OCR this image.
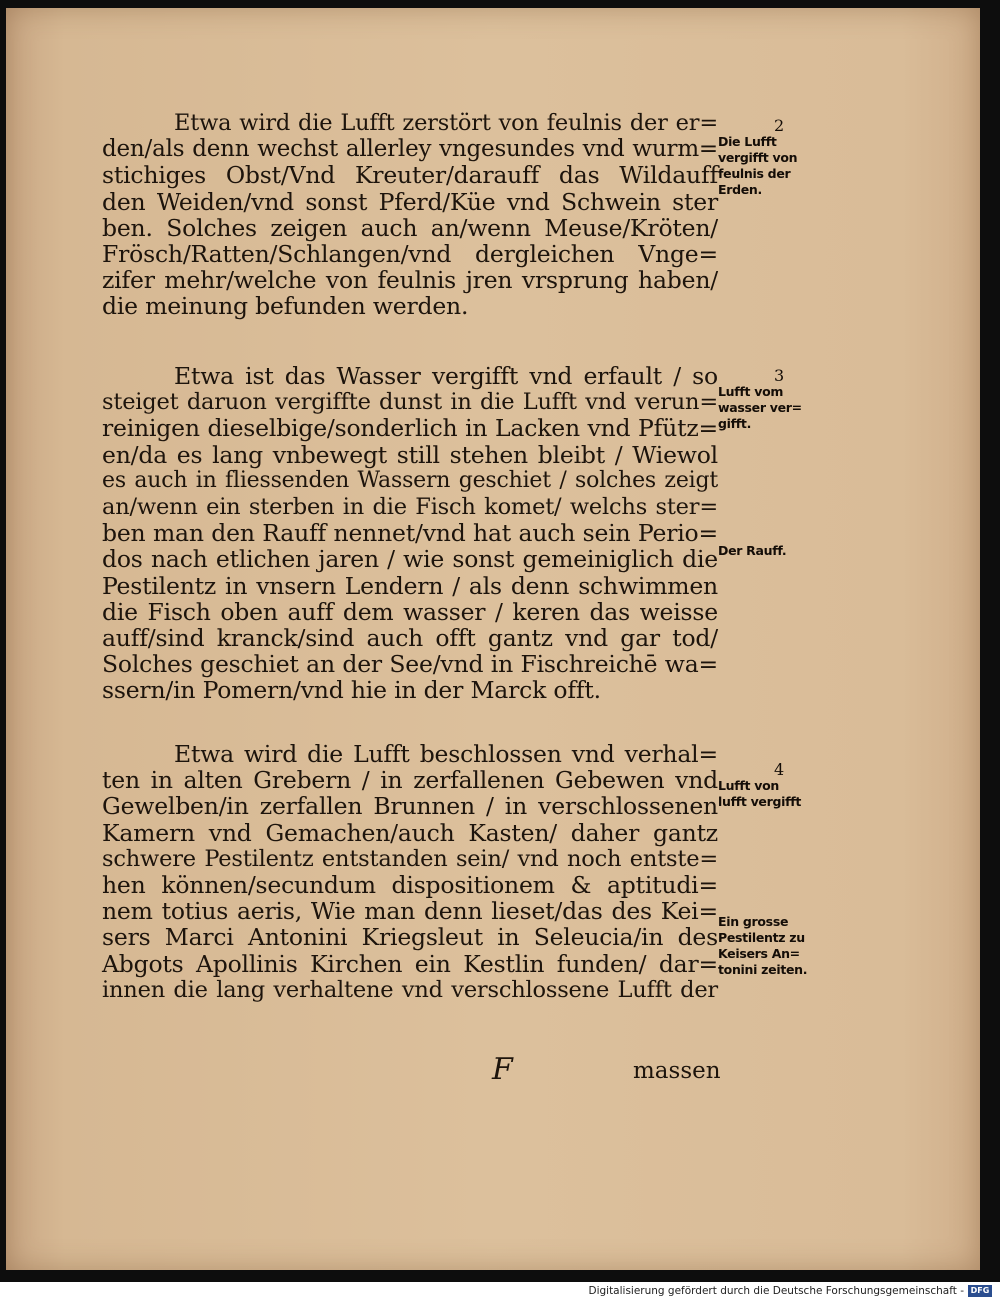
Etwa wird die Lufft zerstört von feulnis der er=
den/als denn wechst allerley vngesundes vnd wurm=
stichiges Obst/Vnd Kreuter/darauff das Wildauff
den Weiden/vnd sonst Pferd/Küe vnd Schwein ster
ben. Solches zeigen auch an/wenn Meuse/Kröten/
Frösch/Ratten/Schlangen/vnd dergleichen Vnge=
zifer mehr/welche von feulnis jren vrsprung haben/
die meinung befunden werden.
Etwa ist das Wasser vergifft vnd erfault / so
steiget daruon vergiffte dunst in die Lufft vnd verun=
reinigen dieselbige/sonderlich in Lacken vnd Pfütz=
en/da es lang vnbewegt still stehen bleibt / Wiewol
es auch in fliessenden Wassern geschiet / solches zeigt
an/wenn ein sterben in die Fisch komet/ welchs ster=
ben man den Rauff nennet/vnd hat auch sein Perio=
dos nach etlichen jaren / wie sonst gemeiniglich die
Pestilentz in vnsern Lendern / als denn schwimmen
die Fisch oben auff dem wasser / keren das weisse
auff/sind kranck/sind auch offt gantz vnd gar tod/
Solches geschiet an der See/vnd in Fischreichē wa=
ssern/in Pomern/vnd hie in der Marck offt.
Etwa wird die Lufft beschlossen vnd verhal=
ten in alten Grebern / in zerfallenen Gebewen vnd
Gewelben/in zerfallen Brunnen / in verschlossenen
Kamern vnd Gemachen/auch Kasten/ daher gantz
schwere Pestilentz entstanden sein/ vnd noch entste=
hen können/secundum dispositionem & aptitudi=
nem totius aeris, Wie man denn lieset/das des Kei=
sers Marci Antonini Kriegsleut in Seleucia/in des
Abgots Apollinis Kirchen ein Kestlin funden/ dar=
innen die lang verhaltene vnd verschlossene Lufft der
2
Die Lufft
vergifft von
feulnis der
Erden.
3
Lufft vom
wasser ver=
gifft.
Der Rauff.
4
Lufft von
lufft vergifft
Ein grosse
Pestilentz zu
Keisers An=
tonini zeiten.
F	massen
Digitalisierung gefördert durch die Deutsche Forschungsgemeinschaft - DFG
